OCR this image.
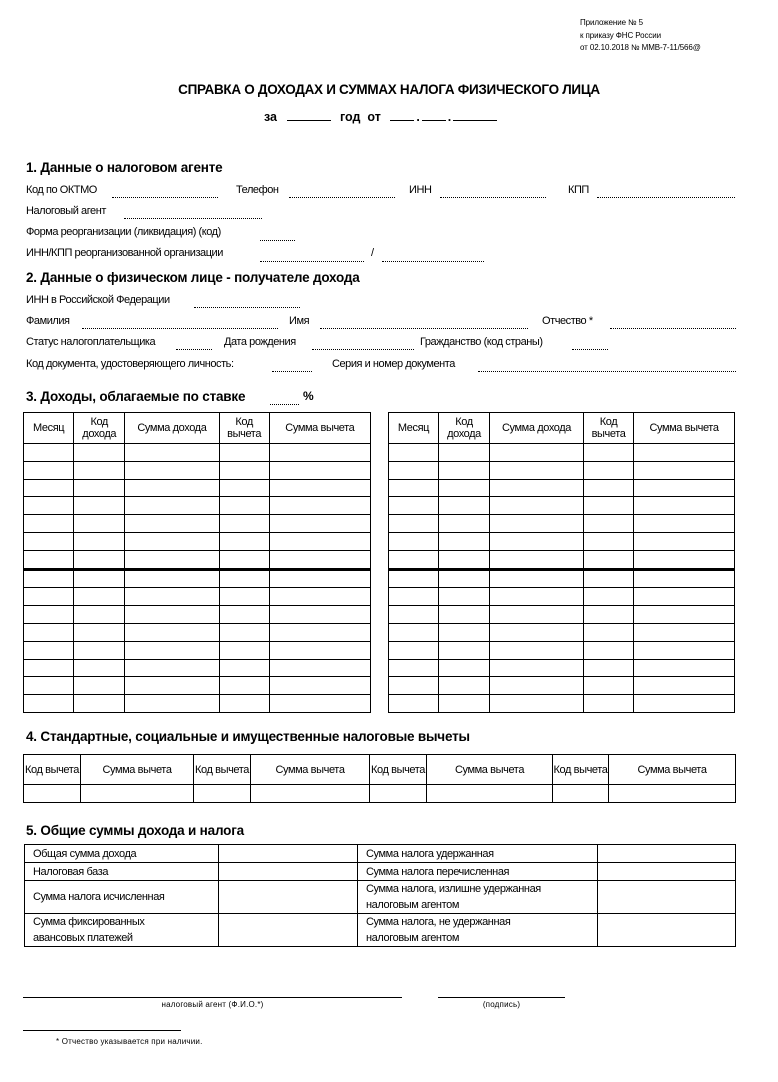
Приложение № 5
к приказу ФНС России
от 02.10.2018 № ММВ-7-11/566@
СПРАВКА О ДОХОДАХ И СУММАХ НАЛОГА ФИЗИЧЕСКОГО ЛИЦА
за	год  от	. .
1. Данные о налоговом агенте
Код по ОКТМО	Телефон	ИНН	КПП
Налоговый агент
Форма реорганизации (ликвидация) (код)
ИНН/КПП реорганизованной организации	/
2. Данные о физическом лице - получателе дохода
ИНН в Российской Федерации
Фамилия	Имя	Отчество *
Статус налогоплательщика	Дата рождения	Гражданство (код страны)
Код документа, удостоверяющего личность:	Серия и номер документа
3. Доходы, облагаемые по ставке	%
Месяц	Код дохода	Сумма дохода	Код вычета	Сумма вычета

					Месяц	Код дохода	Сумма дохода	Код вычета	Сумма вычета

4. Стандартные, социальные и имущественные налоговые вычеты
Код вычета	Сумма вычета	Код вычета	Сумма вычета	Код вычета	Сумма вычета	Код вычета	Сумма вычета

5. Общие суммы дохода и налога
Общая сумма дохода		Сумма налога удержанная	
Налоговая база		Сумма налога перечисленная	
Сумма налога исчисленная		Сумма налога, излишне удержанная налоговым агентом	
Сумма фиксированных авансовых платежей		Сумма налога, не удержанная налоговым агентом	
налоговый агент (Ф.И.О.*)	(подпись)
* Отчество указывается при наличии.
